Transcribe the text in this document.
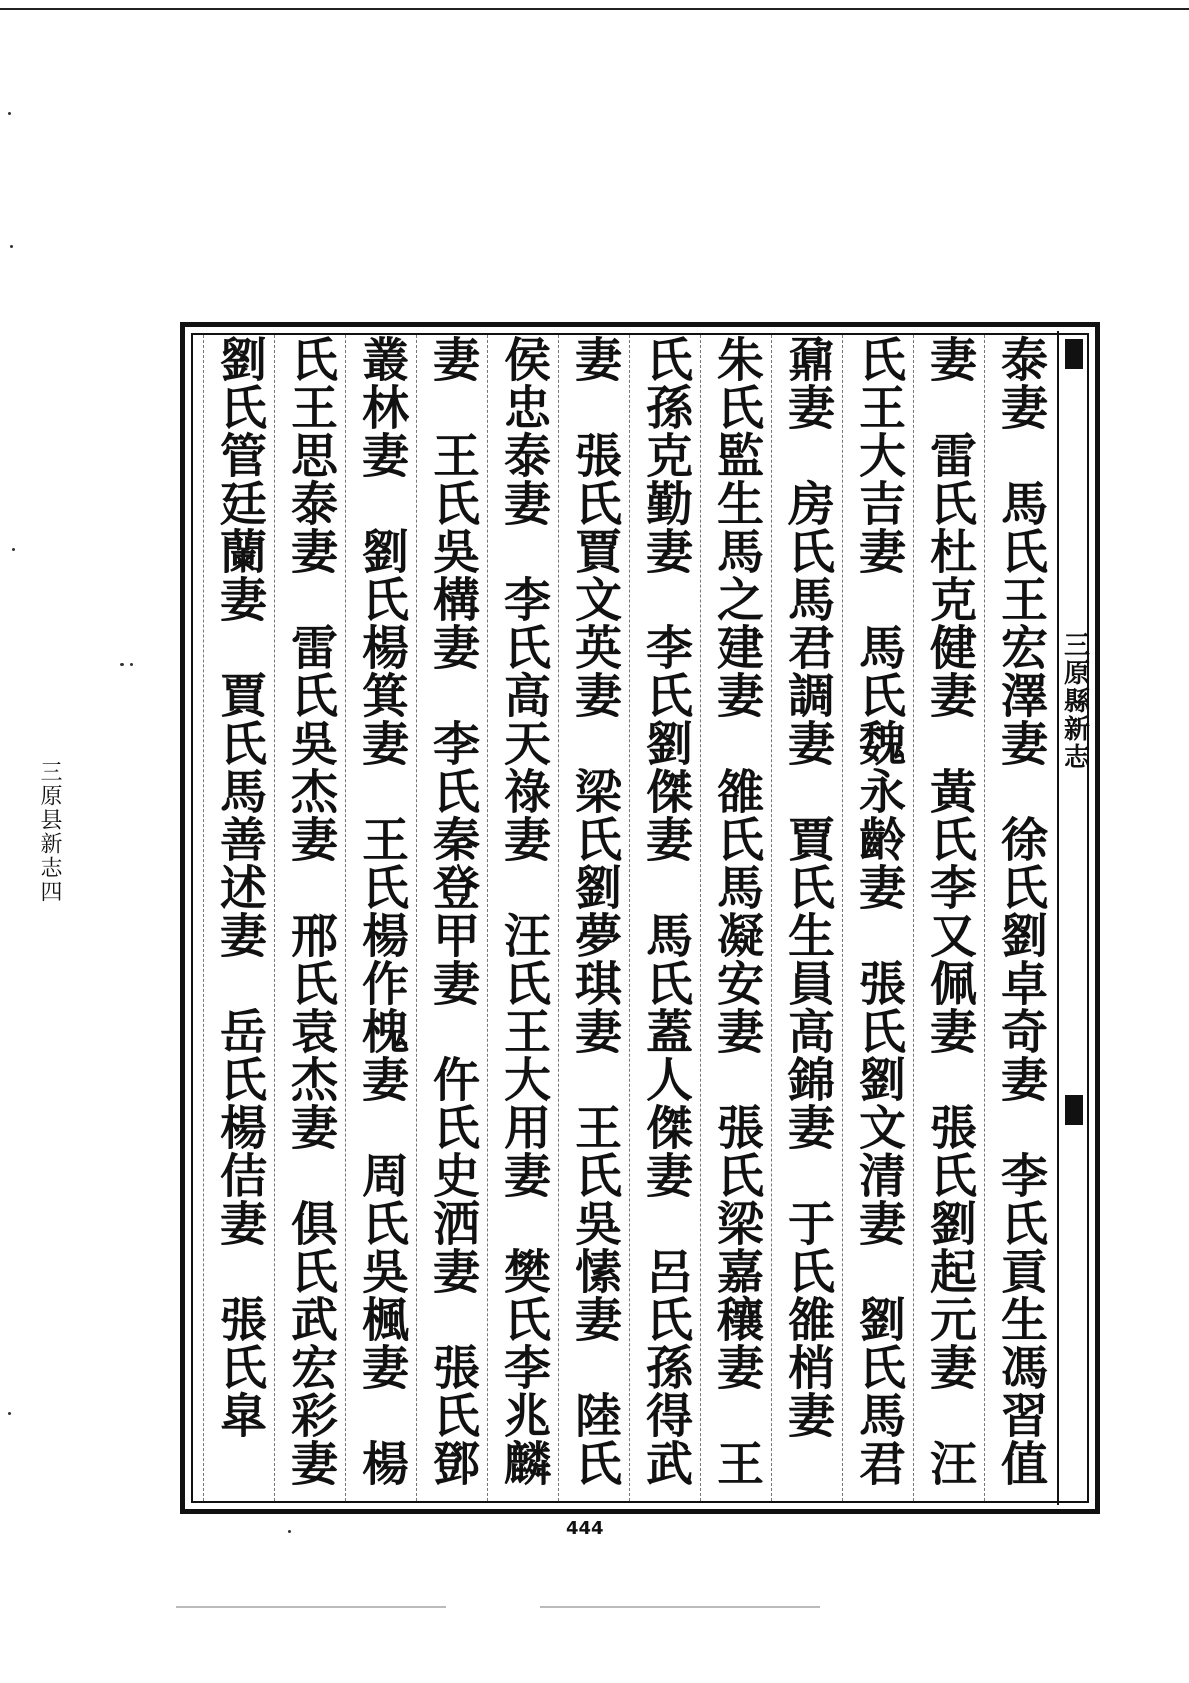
三原县新志四
三原縣新志
泰妻　馬氏王宏澤妻　徐氏劉卓奇妻　李氏貢生馮習值
妻　雷氏杜克健妻　黃氏李又佩妻　張氏劉起元妻　汪
氏王大吉妻　馬氏魏永齡妻　張氏劉文清妻　劉氏馬君
鼐妻　房氏馬君調妻　賈氏生員高錦妻　于氏雒梢妻
朱氏監生馬之建妻　雒氏馬凝安妻　張氏梁嘉穰妻　王
氏孫克勤妻　李氏劉傑妻　馬氏蓋人傑妻　呂氏孫得武
妻　張氏賈文英妻　梁氏劉夢琪妻　王氏吳愫妻　陸氏
侯忠泰妻　李氏高天祿妻　汪氏王大用妻　樊氏李兆麟
妻　王氏吳構妻　李氏秦登甲妻　仵氏史洒妻　張氏鄧
叢林妻　劉氏楊箕妻　王氏楊作槐妻　周氏吳楓妻　楊
氏王思泰妻　雷氏吳杰妻　邢氏袁杰妻　俱氏武宏彩妻
劉氏管廷蘭妻　賈氏馬善述妻　岳氏楊佶妻　張氏皐
444
